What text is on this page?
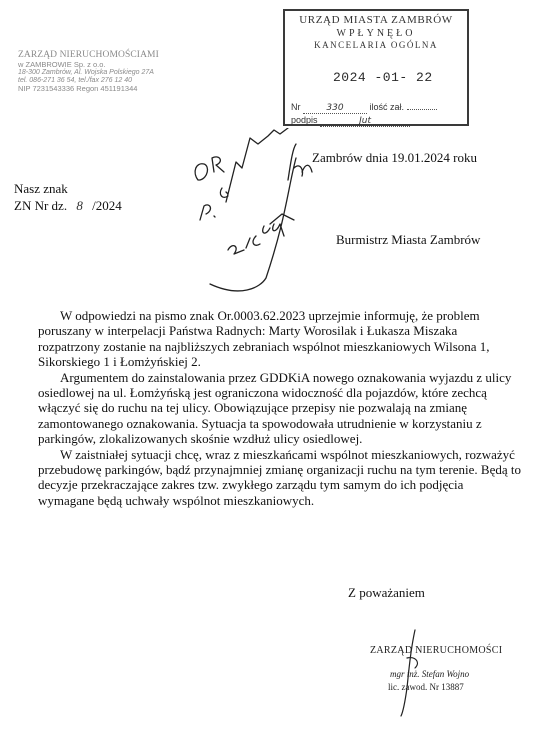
ZARZĄD NIERUCHOMOŚCIAMI
w ZAMBROWIE Sp. z o.o.
18-300 Zambrów, Al. Wojska Polskiego 27A
tel. 086-271 36 54, tel./fax 276 12 40
NIP 7231543336 Regon 451191344
URZĄD MIASTA ZAMBRÓW
WPŁYNĘŁO
KANCELARIA OGÓLNA
2024 -01- 22
Nr	330	ilość zał.
podpis	Jut
Zambrów dnia 19.01.2024 roku
Nasz znak
ZN Nr dz. 8 /2024
Burmistrz Miasta Zambrów

W odpowiedzi na pismo znak Or.0003.62.2023 uprzejmie informuję, że problem poruszany w interpelacji Państwa Radnych: Marty Worosilak i Łukasza Miszaka rozpatrzony zostanie na najbliższych zebraniach wspólnot mieszkaniowych Wilsona 1, Sikorskiego 1 i Łomżyńskiej 2.

Argumentem do zainstalowania przez GDDKiA nowego oznakowania wyjazdu z ulicy osiedlowej na ul. Łomżyńską jest ograniczona widoczność dla pojazdów, które zechcą włączyć się do ruchu na tej ulicy. Obowiązujące przepisy nie pozwalają na zmianę zamontowanego oznakowania. Sytuacja ta spowodowała utrudnienie w korzystaniu z parkingów, zlokalizowanych skośnie wzdłuż ulicy osiedlowej.

W zaistniałej sytuacji chcę, wraz z mieszkańcami wspólnot mieszkaniowych, rozważyć przebudowę parkingów, bądź przynajmniej zmianę organizacji ruchu na tym terenie. Będą to decyzje przekraczające zakres tzw. zwykłego zarządu tym samym do ich podjęcia wymagane będą uchwały wspólnot mieszkaniowych.

Z poważaniem
ZARZĄD NIERUCHOMOŚCI
mgr inż. Stefan Wojno
lic. zawod. Nr 13887
